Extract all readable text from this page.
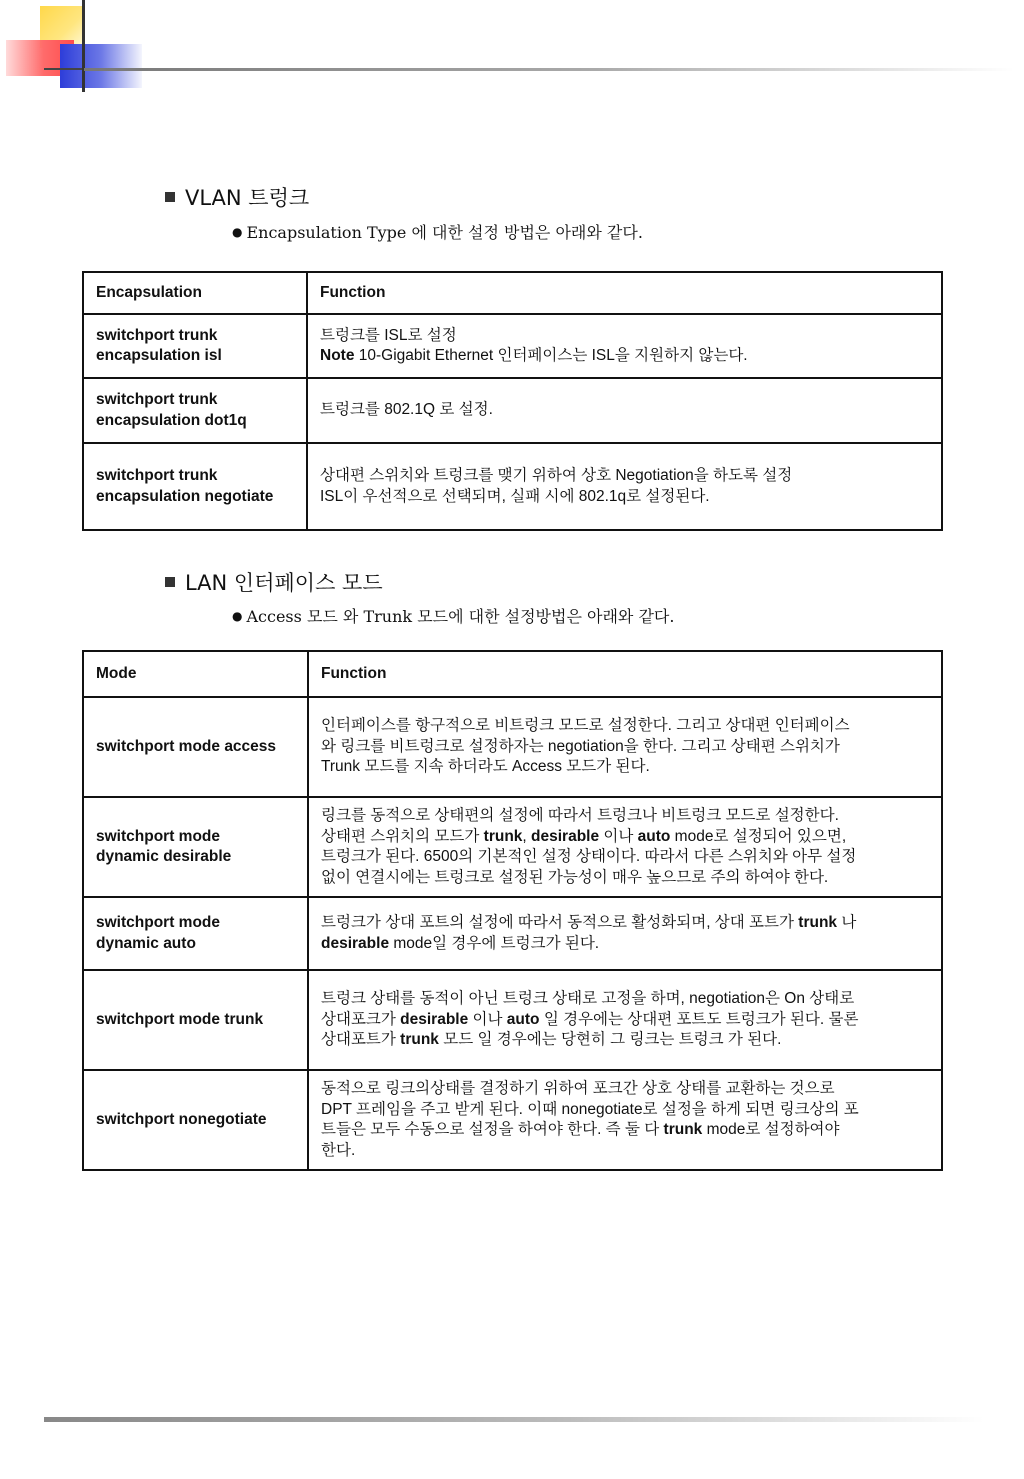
VLAN 트렁크
● Encapsulation Type 에 대한 설정 방법은 아래와 같다.
Encapsulation	Function
switchport trunk
encapsulation isl	트렁크를 ISL로 설정
Note 10-Gigabit Ethernet 인터페이스는 ISL을 지원하지 않는다.
switchport trunk
encapsulation dot1q	트렁크를 802.1Q 로 설정.
switchport trunk
encapsulation negotiate	상대편 스위치와 트렁크를 맺기 위하여 상호 Negotiation을 하도록 설정
ISL이 우선적으로 선택되며, 실패 시에 802.1q로 설정된다.
LAN 인터페이스 모드
● Access 모드 와 Trunk 모드에 대한 설정방법은 아래와 같다.
Mode	Function
switchport mode access	인터페이스를 항구적으로 비트렁크 모드로 설정한다. 그리고 상대편 인터페이스
와 링크를 비트렁크로 설정하자는 negotiation을 한다. 그리고 상태편 스위치가
Trunk 모드를 지속 하더라도 Access 모드가 된다.
switchport mode
dynamic desirable	링크를 동적으로 상태편의 설정에 따라서 트렁크나 비트렁크 모드로 설정한다.
상태편 스위치의 모드가 trunk, desirable 이나 auto mode로 설정되어 있으면,
트렁크가 된다. 6500의 기본적인 설정 상태이다. 따라서 다른 스위치와 아무 설정
없이 연결시에는 트렁크로 설정된 가능성이 매우 높으므로 주의 하여야 한다.
switchport mode
dynamic auto	트렁크가 상대 포트의 설정에 따라서 동적으로 활성화되며, 상대 포트가 trunk 나
desirable mode일 경우에 트렁크가 된다.
switchport mode trunk	트렁크 상태를 동적이 아닌 트렁크 상태로 고정을 하며, negotiation은 On 상태로
상대포크가 desirable 이나 auto 일 경우에는 상대편 포트도 트렁크가 된다. 물론
상대포트가 trunk 모드 일 경우에는 당현히 그 링크는 트렁크 가 된다.
switchport nonegotiate	동적으로 링크의상태를 결정하기 위하여 포크간 상호 상태를 교환하는 것으로
DPT 프레임을 주고 받게 된다. 이때 nonegotiate로 설정을 하게 되면 링크상의 포
트들은 모두 수동으로 설정을 하여야 한다. 즉 둘 다 trunk mode로 설정하여야
한다.
